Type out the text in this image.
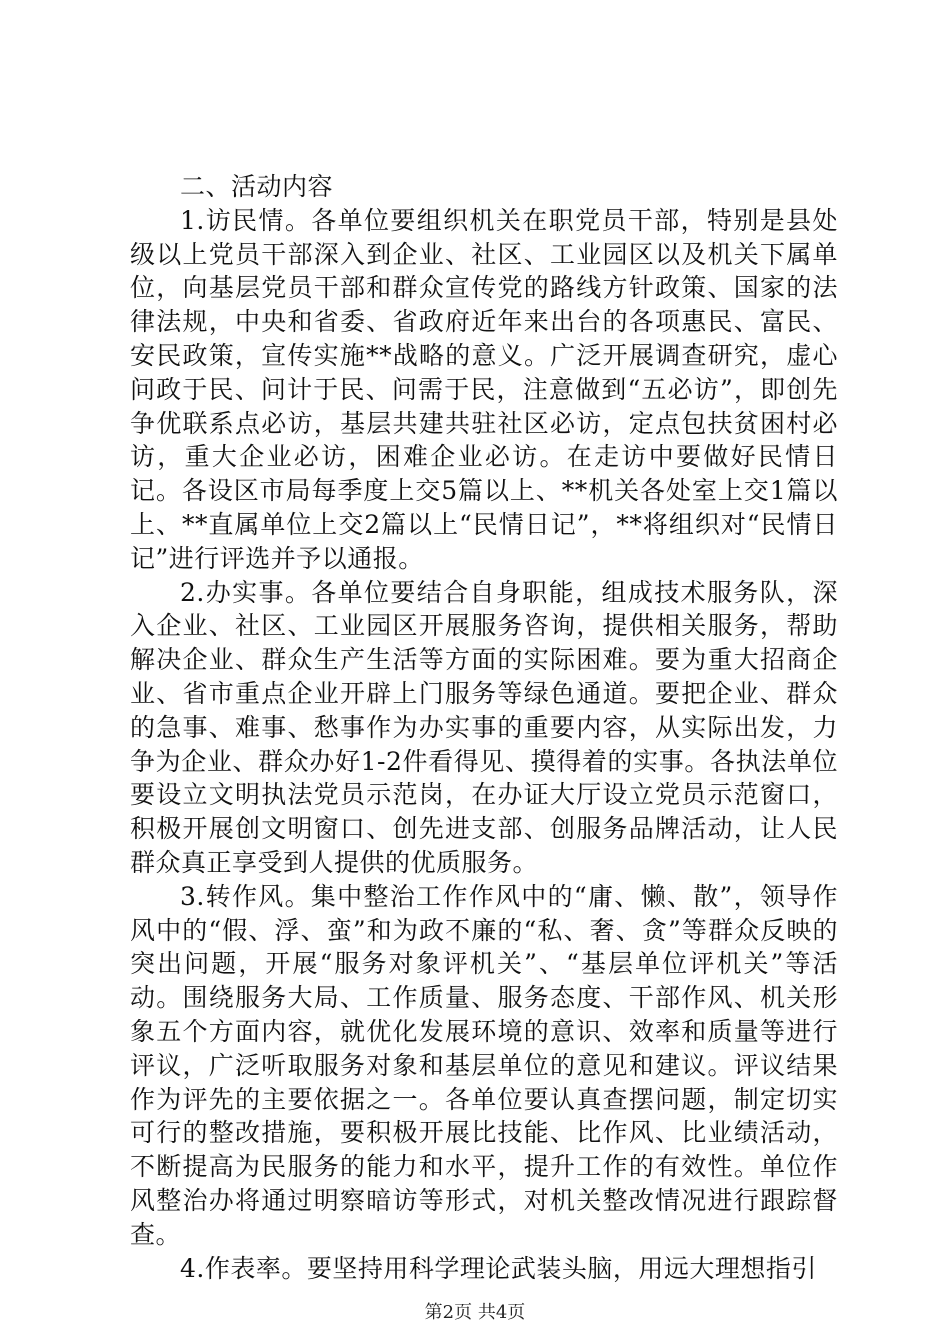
二、活动内容

1.访民情。各单位要组织机关在职党员干部，特别是县处级以上党员干部深入到企业、社区、工业园区以及机关下属单位，向基层党员干部和群众宣传党的路线方针政策、国家的法律法规，中央和省委、省政府近年来出台的各项惠民、富民、安民政策，宣传实施**战略的意义。广泛开展调查研究，虚心问政于民、问计于民、问需于民，注意做到“五必访”，即创先争优联系点必访，基层共建共驻社区必访，定点包扶贫困村必访，重大企业必访，困难企业必访。在走访中要做好民情日记。各设区市局每季度上交5篇以上、**机关各处室上交1篇以上、**直属单位上交2篇以上“民情日记”，**将组织对“民情日记”进行评选并予以通报。

2.办实事。各单位要结合自身职能，组成技术服务队，深入企业、社区、工业园区开展服务咨询，提供相关服务，帮助解决企业、群众生产生活等方面的实际困难。要为重大招商企业、省市重点企业开辟上门服务等绿色通道。要把企业、群众的急事、难事、愁事作为办实事的重要内容，从实际出发，力争为企业、群众办好1-2件看得见、摸得着的实事。各执法单位要设立文明执法党员示范岗，在办证大厅设立党员示范窗口，积极开展创文明窗口、创先进支部、创服务品牌活动，让人民群众真正享受到人提供的优质服务。

3.转作风。集中整治工作作风中的“庸、懒、散”，领导作风中的“假、浮、蛮”和为政不廉的“私、奢、贪”等群众反映的突出问题，开展“服务对象评机关”、“基层单位评机关”等活动。围绕服务大局、工作质量、服务态度、干部作风、机关形象五个方面内容，就优化发展环境的意识、效率和质量等进行评议，广泛听取服务对象和基层单位的意见和建议。评议结果作为评先的主要依据之一。各单位要认真查摆问题，制定切实可行的整改措施，要积极开展比技能、比作风、比业绩活动，不断提高为民服务的能力和水平，提升工作的有效性。单位作风整治办将通过明察暗访等形式，对机关整改情况进行跟踪督查。

4.作表率。要坚持用科学理论武装头脑，用远大理想指引

第2页 共4页
